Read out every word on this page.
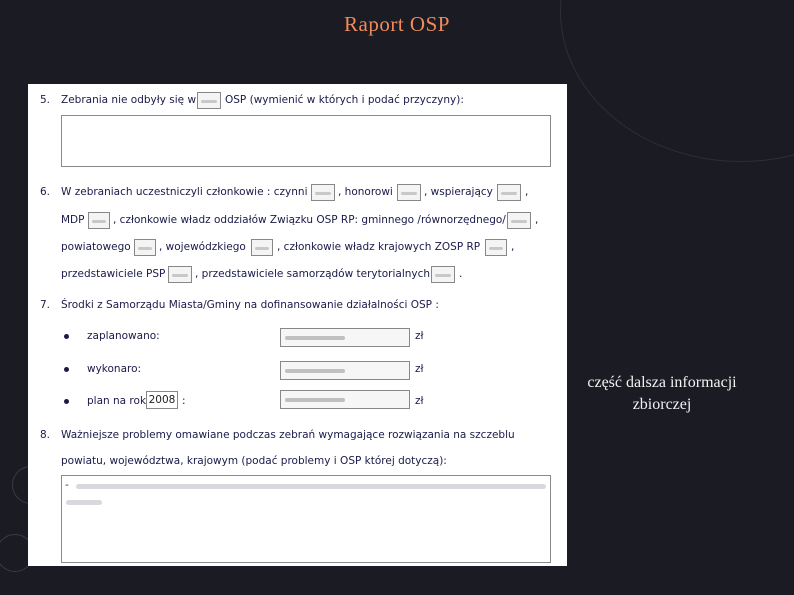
Raport OSP
część dalsza informacji zbiorczej
5. Zebrania nie odbyły się w	OSP (wymienić w których i podać przyczyny):
6. W zebraniach uczestniczyli członkowie : czynni	, honorowi	, wspierający	,
MDP	, członkowie władz oddziałów Związku OSP RP: gminnego /równorzędnego/	,
powiatowego	, wojewódzkiego	, członkowie władz krajowych ZOSP RP	,
przedstawiciele PSP	, przedstawiciele samorządów terytorialnych	.
7. Środki z Samorządu Miasta/Gminy na dofinansowanie działalności OSP :
zaplanowano:	zł
wykonaro:	zł
plan na rok 2008 :	zł
8. Ważniejsze problemy omawiane podczas zebrań wymagające rozwiązania na szczeblu
powiatu, województwa, krajowym (podać problemy i OSP której dotyczą):
-
